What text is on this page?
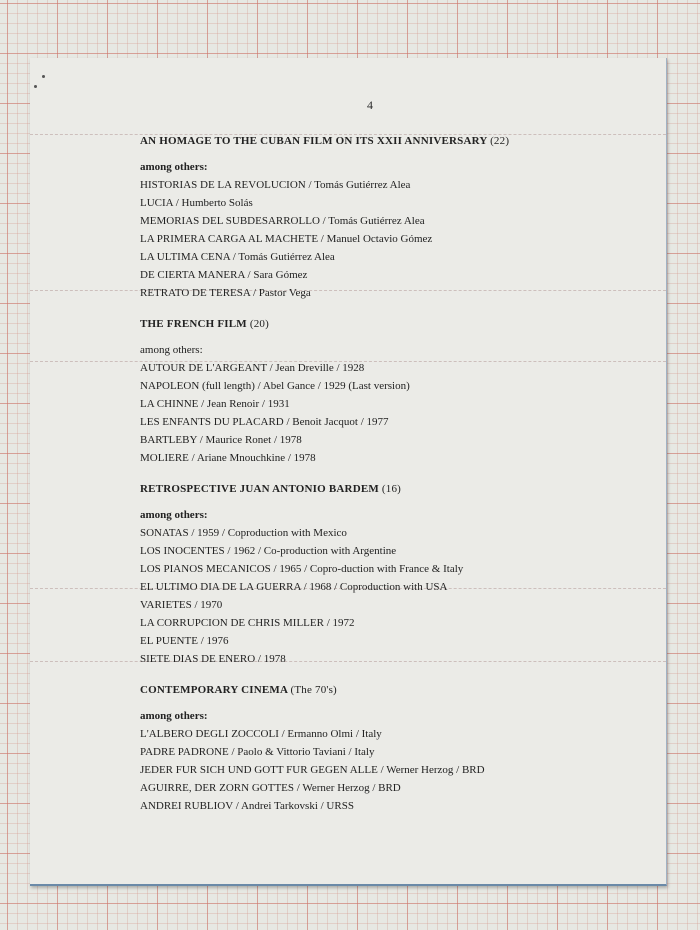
4
AN HOMAGE TO THE CUBAN FILM ON ITS XXII ANNIVERSARY (22)
among others:
HISTORIAS DE LA REVOLUCION / Tomás Gutiérrez Alea
LUCIA / Humberto Solás
MEMORIAS DEL SUBDESARROLLO / Tomás Gutiérrez Alea
LA PRIMERA CARGA AL MACHETE / Manuel Octavio Gómez
LA ULTIMA CENA / Tomás Gutiérrez Alea
DE CIERTA MANERA / Sara Gómez
RETRATO DE TERESA / Pastor Vega
THE FRENCH FILM (20)
among others:
AUTOUR DE L'ARGEANT / Jean Dreville / 1928
NAPOLEON (full length) / Abel Gance / 1929 (Last version)
LA CHINNE / Jean Renoir / 1931
LES ENFANTS DU PLACARD / Benoit Jacquot / 1977
BARTLEBY / Maurice Ronet / 1978
MOLIERE / Ariane Mnouchkine / 1978
RETROSPECTIVE JUAN ANTONIO BARDEM (16)
among others:
SONATAS / 1959 / Coproduction with Mexico
LOS INOCENTES / 1962 / Co-production with Argentine
LOS PIANOS MECANICOS / 1965 / Copro-duction with France & Italy
EL ULTIMO DIA DE LA GUERRA / 1968 / Coproduction with USA
VARIETES / 1970
LA CORRUPCION DE CHRIS MILLER / 1972
EL PUENTE / 1976
SIETE DIAS DE ENERO / 1978
CONTEMPORARY CINEMA (The 70's)
among others:
L'ALBERO DEGLI ZOCCOLI / Ermanno Olmi / Italy
PADRE PADRONE / Paolo & Vittorio Taviani / Italy
JEDER FUR SICH UND GOTT FUR GEGEN ALLE / Werner Herzog / BRD
AGUIRRE, DER ZORN GOTTES / Werner Herzog / BRD
ANDREI RUBLIOV / Andrei Tarkovski / URSS
